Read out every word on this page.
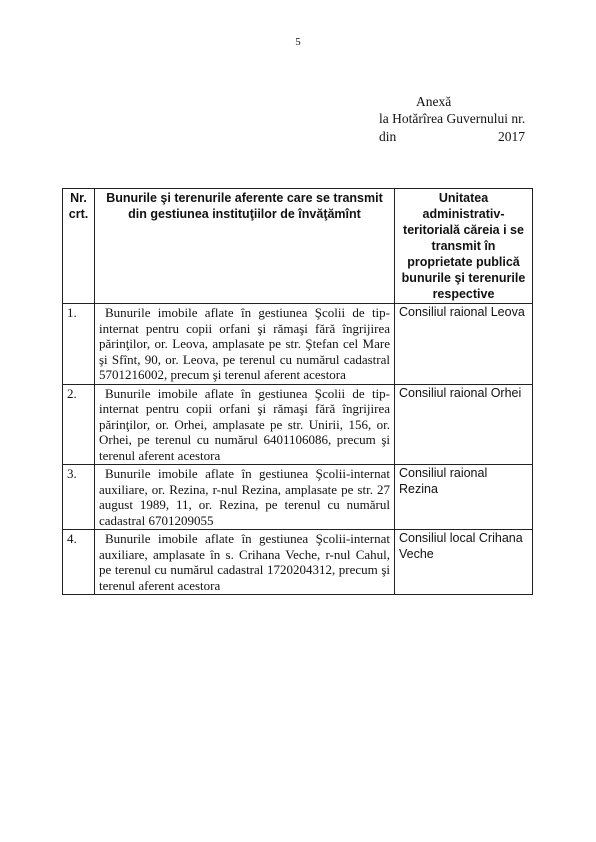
5
Anexă
la Hotărîrea Guvernului nr.
din	2017
Nr. crt.	Bunurile şi terenurile aferente care se transmit din gestiunea instituţiilor de învăţămînt	Unitatea administrativ-teritorială căreia i se transmit în proprietate publică bunurile şi terenurile respective
1.	Bunurile imobile aflate în gestiunea Şcolii de tip-internat pentru copii orfani şi rămaşi fără îngrijirea părinţilor, or. Leova, amplasate pe str. Ştefan cel Mare şi Sfînt, 90, or. Leova, pe terenul cu numărul cadastral 5701216002, precum şi terenul aferent acestora	Consiliul raional Leova
2.	Bunurile imobile aflate în gestiunea Şcolii de tip-internat pentru copii orfani şi rămaşi fără îngrijirea părinţilor, or. Orhei, amplasate pe str. Unirii, 156, or. Orhei, pe terenul cu numărul 6401106086, precum şi terenul aferent acestora	Consiliul raional Orhei
3.	Bunurile imobile aflate în gestiunea Şcolii-internat auxiliare, or. Rezina, r-nul Rezina, amplasate pe str. 27 august 1989, 11, or. Rezina, pe terenul cu numărul cadastral 6701209055	Consiliul raional Rezina
4.	Bunurile imobile aflate în gestiunea Şcolii-internat auxiliare, amplasate în s. Crihana Veche, r-nul Cahul, pe terenul cu numărul cadastral 1720204312, precum şi terenul aferent acestora	Consiliul local Crihana Veche
